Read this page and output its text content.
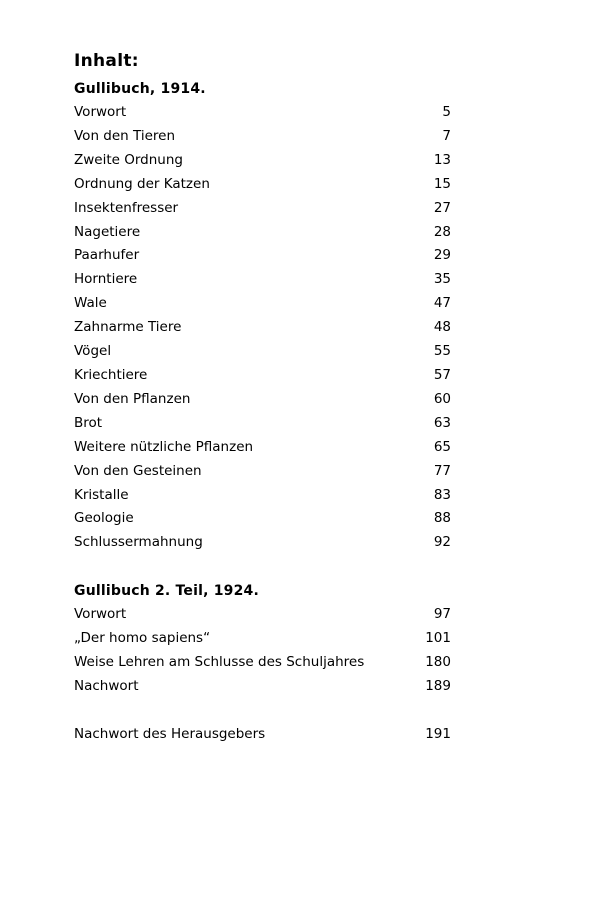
Inhalt:
Gullibuch, 1914.
Vorwort	5
Von den Tieren	7
Zweite Ordnung	13
Ordnung der Katzen	15
Insektenfresser	27
Nagetiere	28
Paarhufer	29
Horntiere	35
Wale	47
Zahnarme Tiere	48
Vögel	55
Kriechtiere	57
Von den Pflanzen	60
Brot	63
Weitere nützliche Pflanzen	65
Von den Gesteinen	77
Kristalle	83
Geologie	88
Schlussermahnung	92
Gullibuch 2. Teil, 1924.
Vorwort	97
„Der homo sapiens“	101
Weise Lehren am Schlusse des Schuljahres	180
Nachwort	189
Nachwort des Herausgebers	191
